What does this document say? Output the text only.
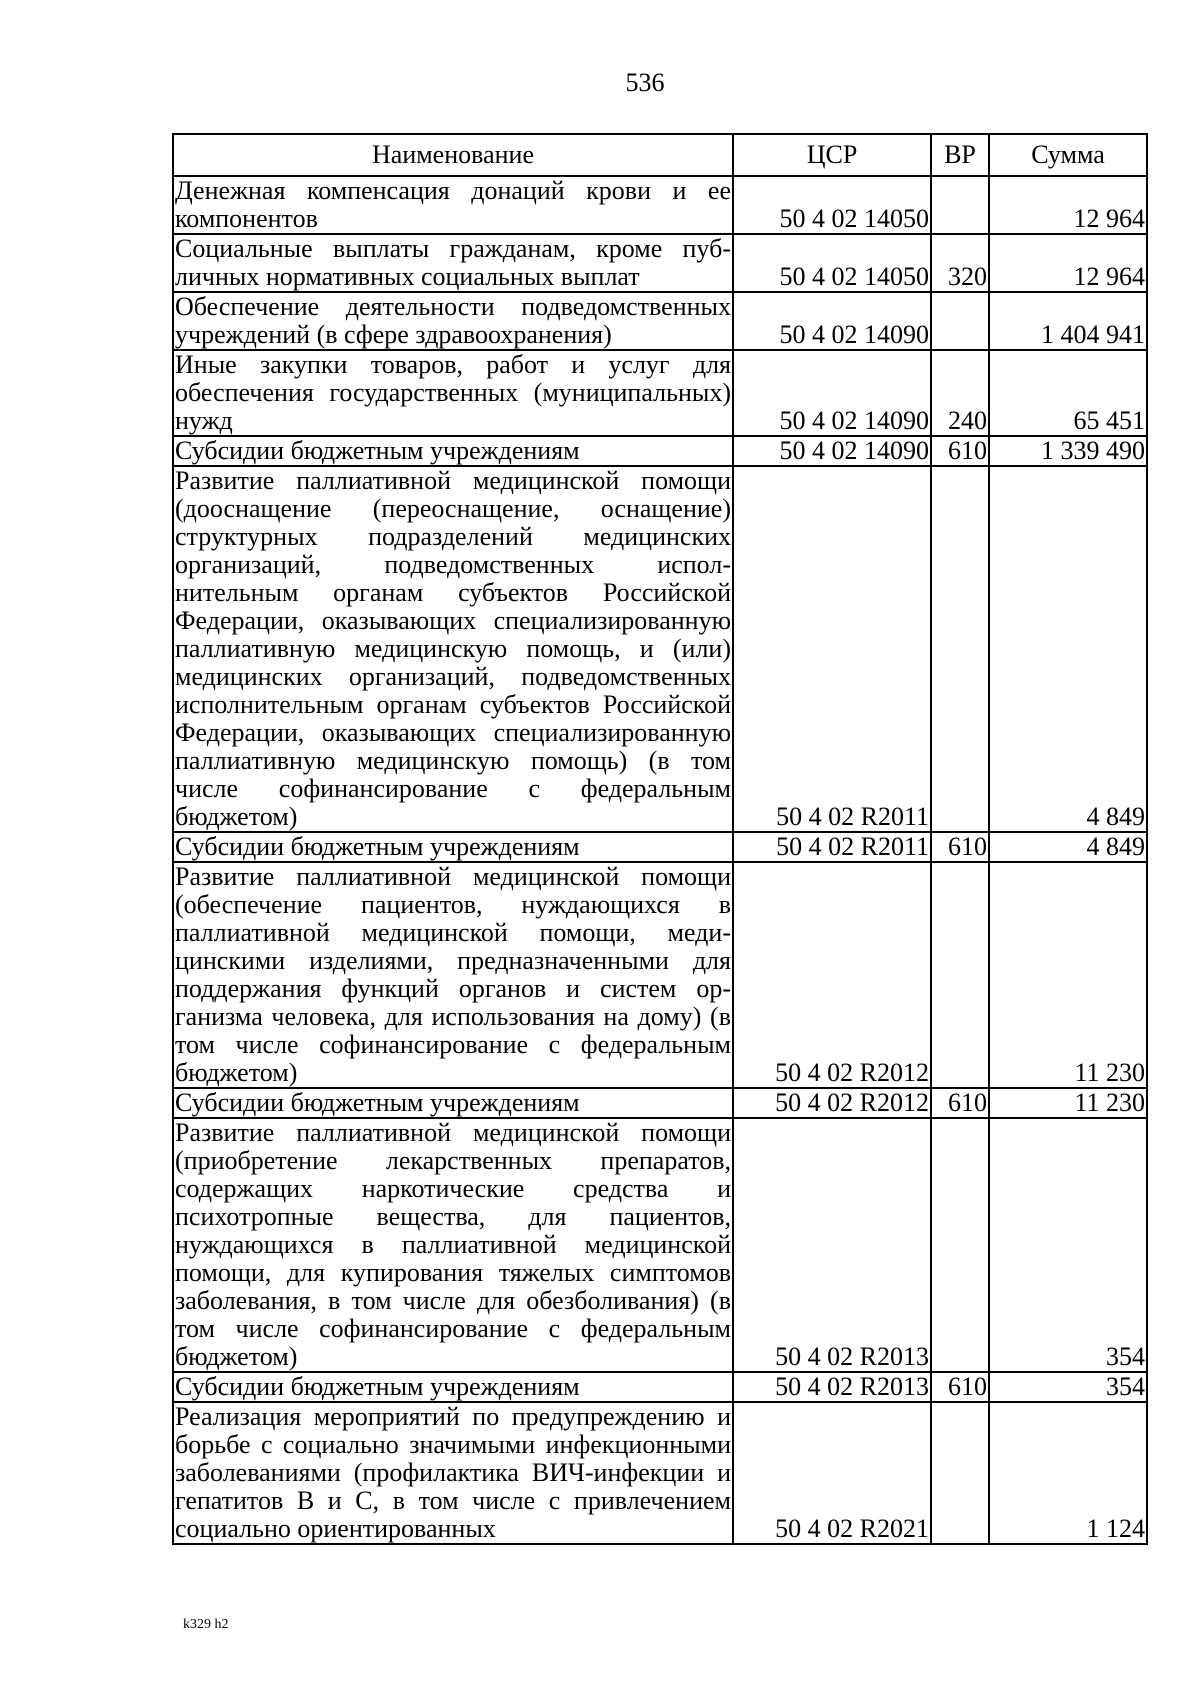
536
Наименование	ЦСР	ВР	Сумма
Денежная компенсация донаций крови и ее компонентов	50 4 02 14050		12 964
Социальные выплаты гражданам, кроме публичных нормативных социальных выплат	50 4 02 14050	320	12 964
Обеспечение деятельности подведомственных учреждений (в сфере здравоохранения)	50 4 02 14090		1 404 941
Иные закупки товаров, работ и услуг для обеспечения государственных (муниципальных) нужд	50 4 02 14090	240	65 451
Субсидии бюджетным учреждениям	50 4 02 14090	610	1 339 490
Развитие паллиативной медицинской помощи (дооснащение (переоснащение, оснащение) структурных подразделений медицинских организаций, подведомственных исполнительным органам субъектов Российской Федерации, оказывающих специализированную паллиативную медицинскую помощь, и (или) медицинских организаций, подведомственных исполнительным органам субъектов Российской Федерации, оказывающих специализированную паллиативную медицинскую помощь) (в том числе софинансирование с федеральным бюджетом)	50 4 02 R2011		4 849
Субсидии бюджетным учреждениям	50 4 02 R2011	610	4 849
Развитие паллиативной медицинской помощи (обеспечение пациентов, нуждающихся в паллиативной медицинской помощи, медицинскими изделиями, предназначенными для поддержания функций органов и систем организма человека, для использования на дому) (в том числе софинансирование с федеральным бюджетом)	50 4 02 R2012		11 230
Субсидии бюджетным учреждениям	50 4 02 R2012	610	11 230
Развитие паллиативной медицинской помощи (приобретение лекарственных препаратов, содержащих наркотические средства и психотропные вещества, для пациентов, нуждающихся в паллиативной медицинской помощи, для купирования тяжелых симптомов заболевания, в том числе для обезболивания) (в том числе софинансирование с федеральным бюджетом)	50 4 02 R2013		354
Субсидии бюджетным учреждениям	50 4 02 R2013	610	354
Реализация мероприятий по предупреждению и борьбе с социально значимыми инфекционными заболеваниями (профилактика ВИЧ-инфекции и гепатитов B и C, в том числе с привлечением социально ориентированных	50 4 02 R2021		1 124
k329 h2
